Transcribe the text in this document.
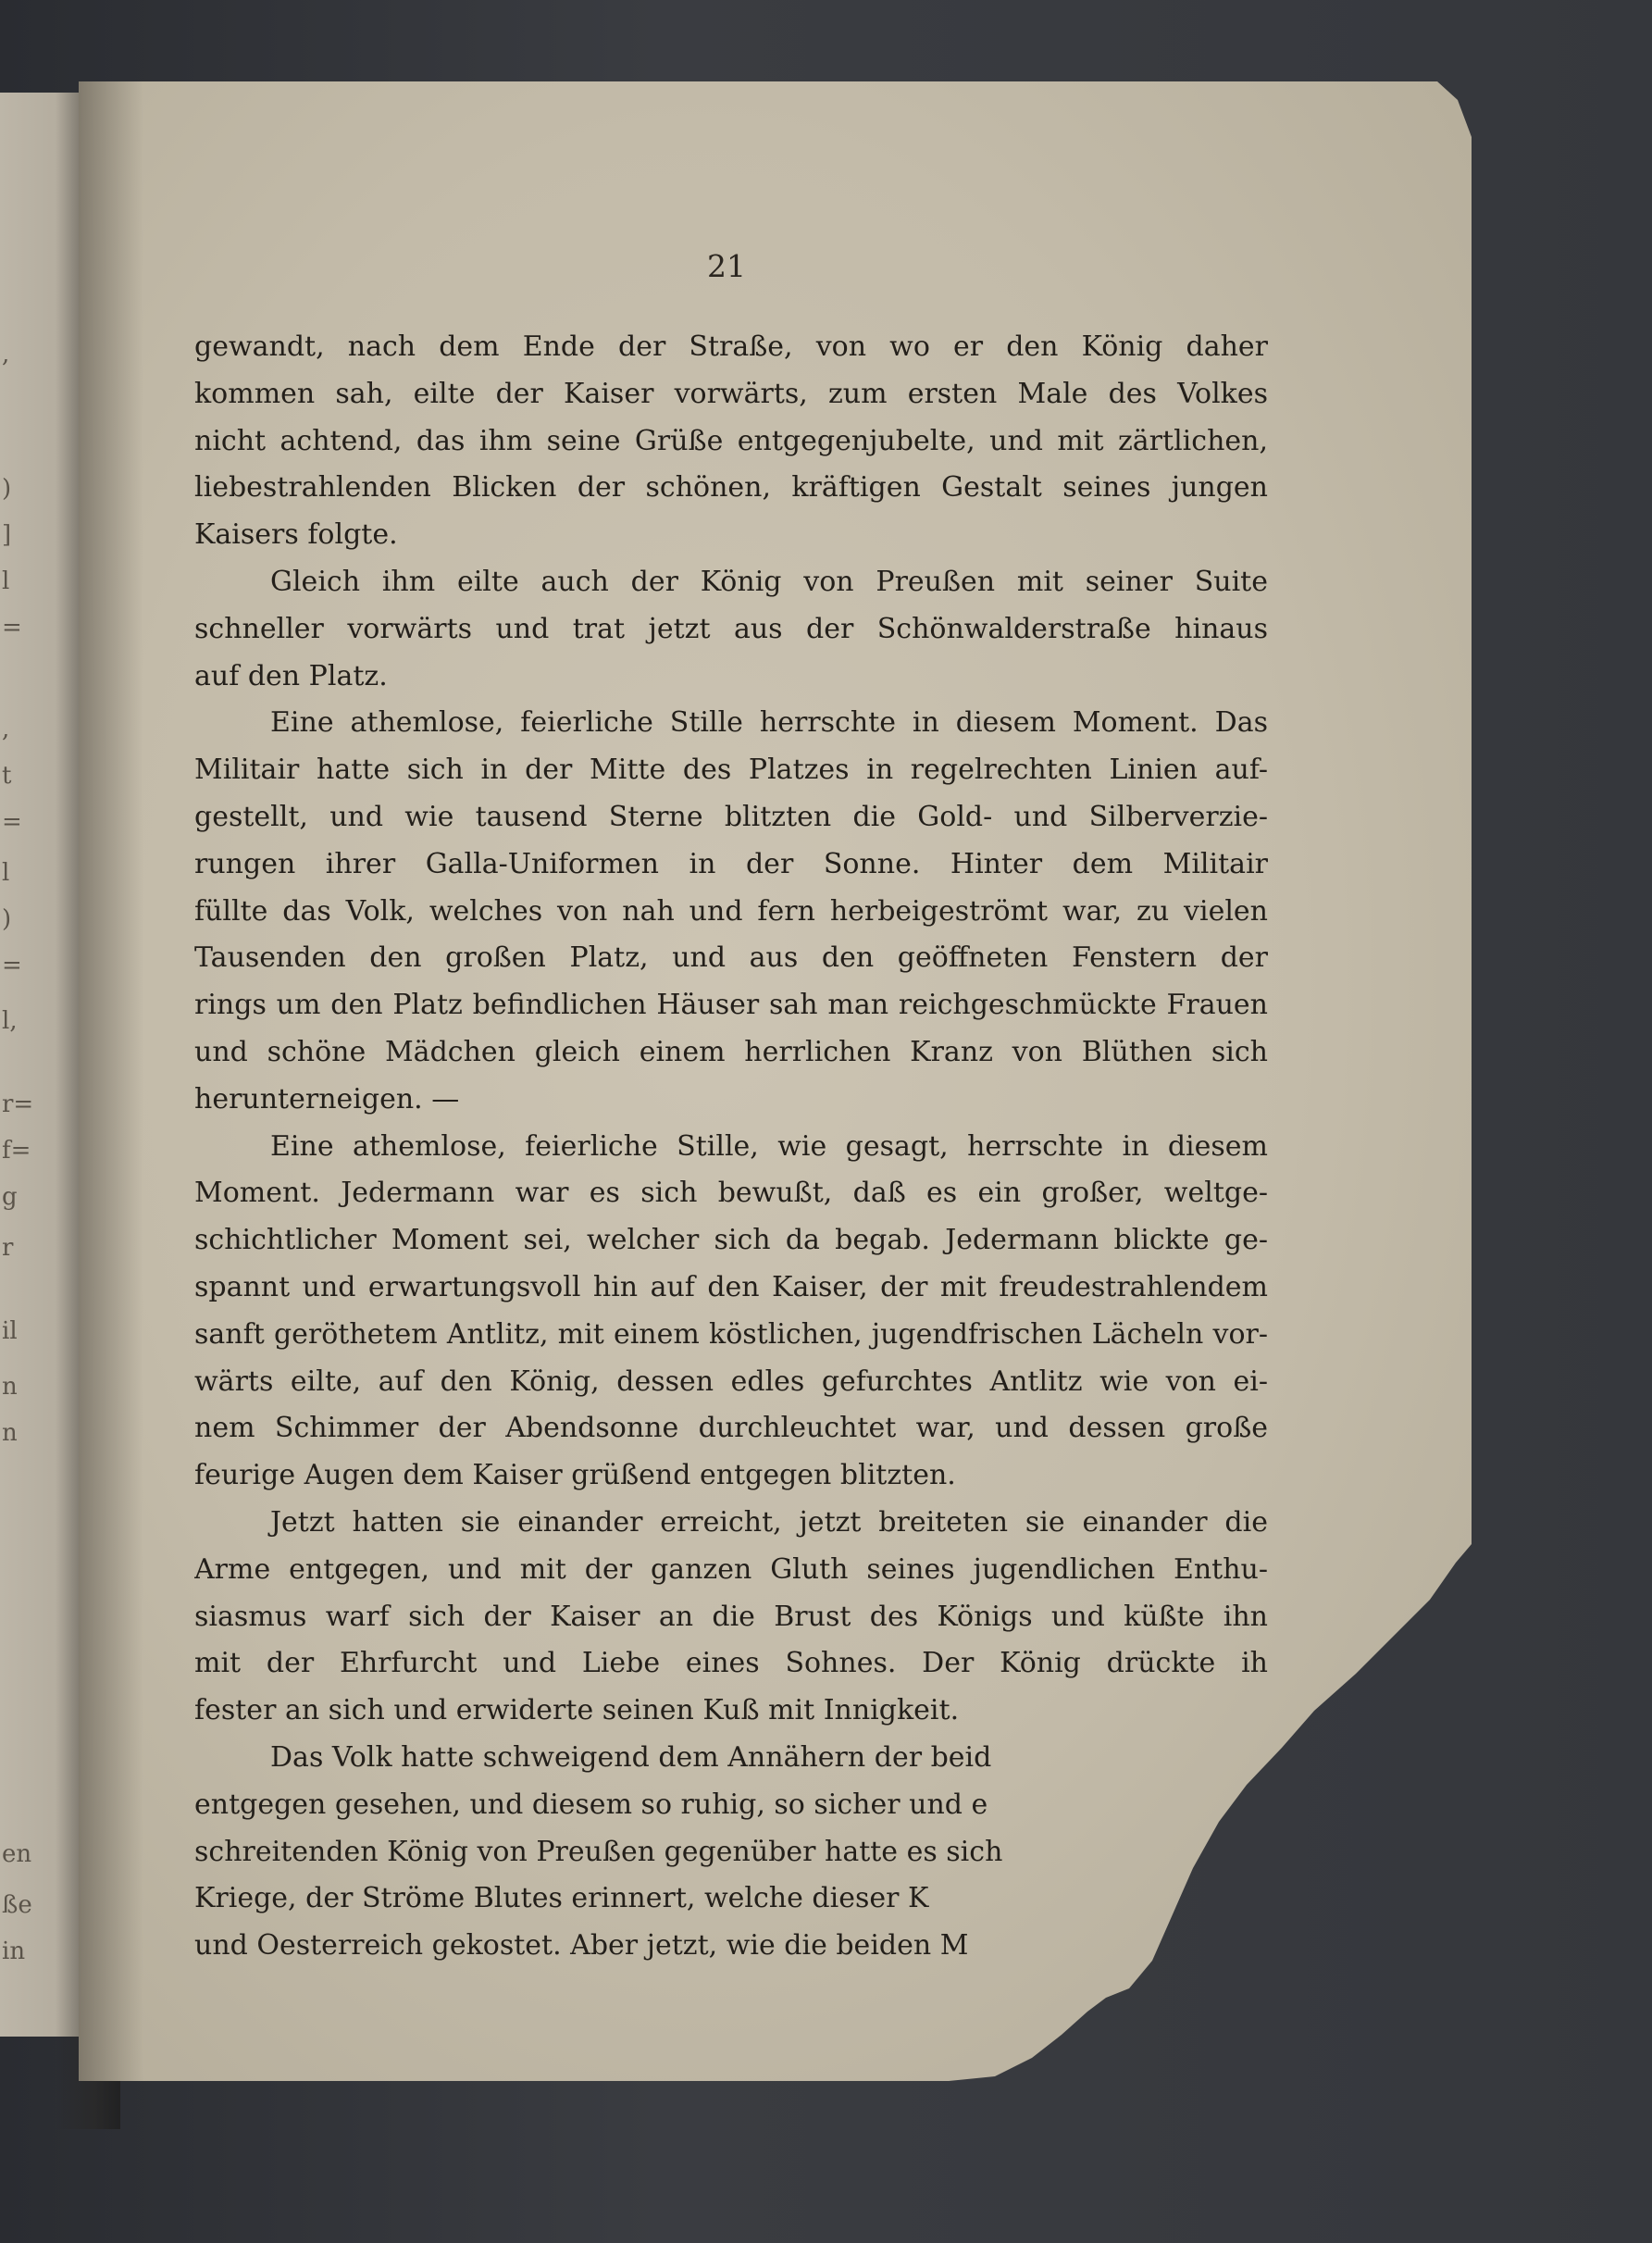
,
)
]
l
=
,
t
=
l
)
=
l,
r=
f=
g
r
il
n
n
en
ße
in
21
gewandt, nach dem Ende der Straße, von wo er den König daher
kommen sah, eilte der Kaiser vorwärts, zum ersten Male des Volkes
nicht achtend, das ihm seine Grüße entgegenjubelte, und mit zärtlichen,
liebestrahlenden Blicken der schönen, kräftigen Gestalt seines jungen
Kaisers folgte.
Gleich ihm eilte auch der König von Preußen mit seiner Suite
schneller vorwärts und trat jetzt aus der Schönwalderstraße hinaus
auf den Platz.
Eine athemlose, feierliche Stille herrschte in diesem Moment. Das
Militair hatte sich in der Mitte des Platzes in regelrechten Linien auf-
gestellt, und wie tausend Sterne blitzten die Gold- und Silberverzie-
rungen ihrer Galla-Uniformen in der Sonne. Hinter dem Militair
füllte das Volk, welches von nah und fern herbeigeströmt war, zu vielen
Tausenden den großen Platz, und aus den geöffneten Fenstern der
rings um den Platz befindlichen Häuser sah man reichgeschmückte Frauen
und schöne Mädchen gleich einem herrlichen Kranz von Blüthen sich
herunterneigen. —
Eine athemlose, feierliche Stille, wie gesagt, herrschte in diesem
Moment. Jedermann war es sich bewußt, daß es ein großer, weltge-
schichtlicher Moment sei, welcher sich da begab. Jedermann blickte ge-
spannt und erwartungsvoll hin auf den Kaiser, der mit freudestrahlendem
sanft geröthetem Antlitz, mit einem köstlichen, jugendfrischen Lächeln vor-
wärts eilte, auf den König, dessen edles gefurchtes Antlitz wie von ei-
nem Schimmer der Abendsonne durchleuchtet war, und dessen große
feurige Augen dem Kaiser grüßend entgegen blitzten.
Jetzt hatten sie einander erreicht, jetzt breiteten sie einander die
Arme entgegen, und mit der ganzen Gluth seines jugendlichen Enthu-
siasmus warf sich der Kaiser an die Brust des Königs und küßte ihn
mit der Ehrfurcht und Liebe eines Sohnes. Der König drückte ih
fester an sich und erwiderte seinen Kuß mit Innigkeit.
Das Volk hatte schweigend dem Annähern der beid
entgegen gesehen, und diesem so ruhig, so sicher und e
schreitenden König von Preußen gegenüber hatte es sich
Kriege, der Ströme Blutes erinnert, welche dieser K
und Oesterreich gekostet. Aber jetzt, wie die beiden M
